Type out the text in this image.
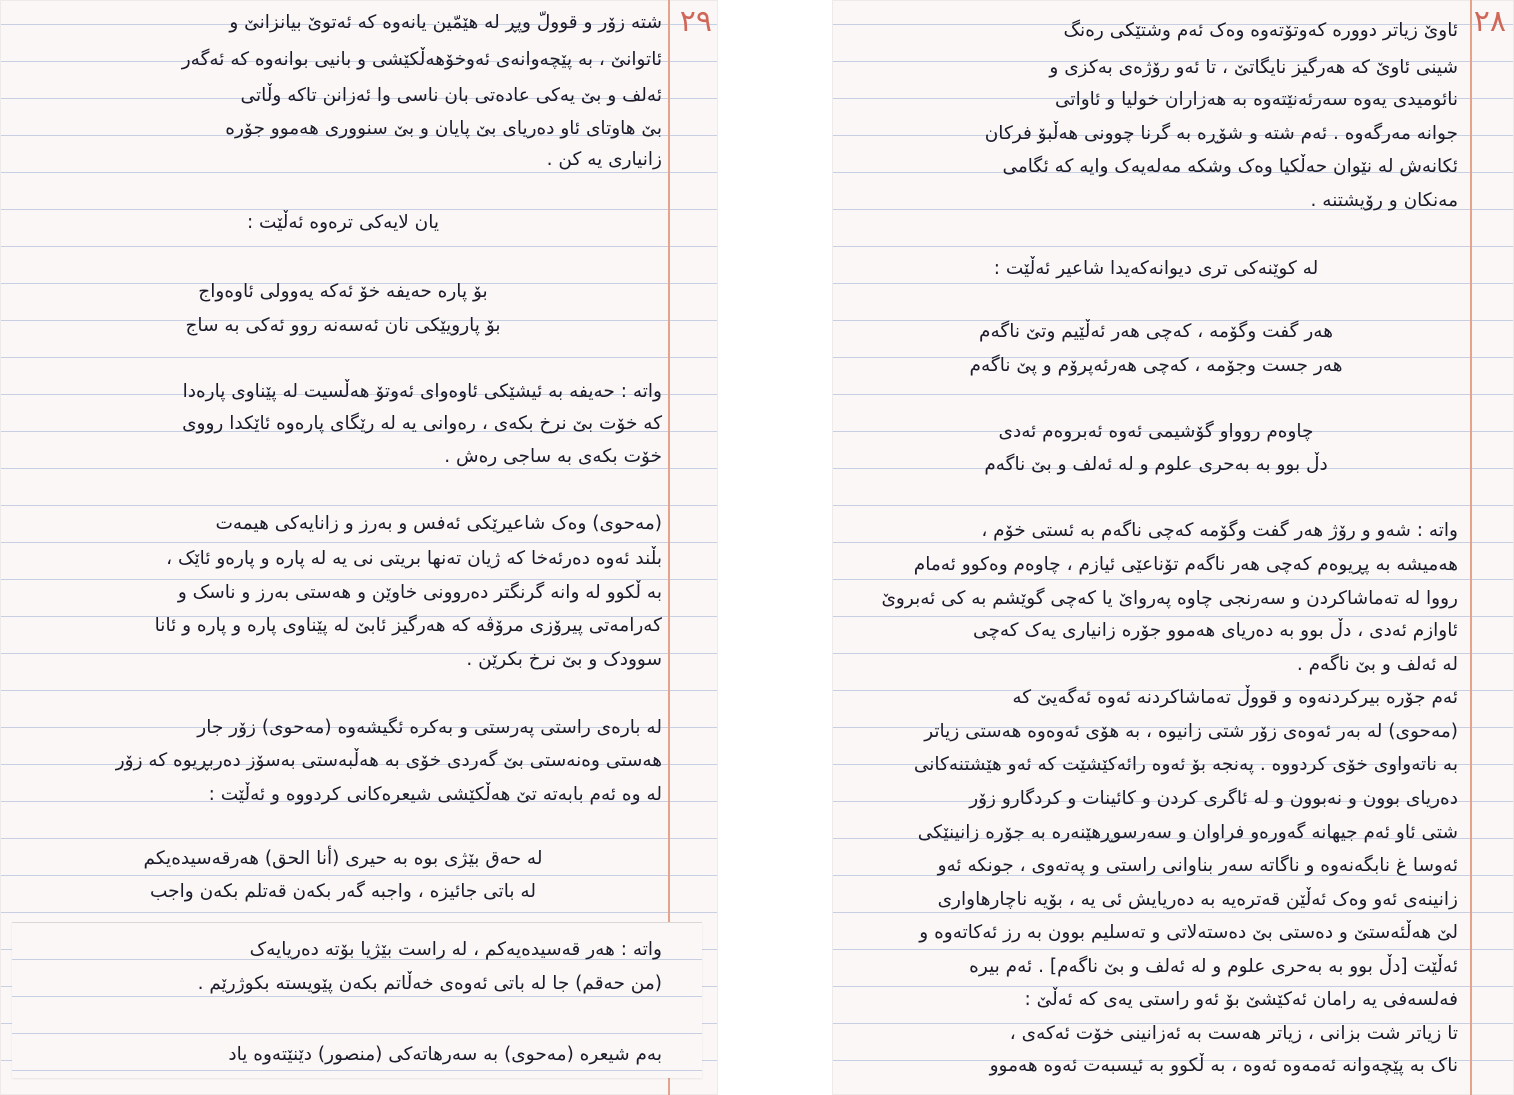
٢٩
شتە زۆر و قوولّ وپڕ لە هێمّین یانەوە کە ئەتوێ بیانزانێ و
ئاتوانێ ، بە پێچەوانەی ئەوخۆهەڵکێشی و بانیی بوانەوە کە ئەگەر
ئەلف و بێ یەکی عادەتی بان ناسی وا ئەزانن تاکە وڵاتی
بێ هاوتای ئاو دەریای بێ پایان و بێ سنووری هەموو جۆرە
زانیاری یە کن .
یان لایەکی ترەوە ئەڵێت :
بۆ پارە حەیفە خۆ ئەکە یەوولی ئاوەواج
بۆ پارویێکی نان ئەسەنە روو ئەکی بە ساج
واتە : حەیفە بە ئیشێکی ئاوەوای ئەوتۆ هەڵسیت لە پێناوی پارەدا
کە خۆت بێ نرخ بکەی ، رەوانی یە لە رێگای پارەوە ئاێکدا رووی
خۆت بکەی بە ساجی رەش .
(مەحوی) وەک شاعیرێکی ئەفس و بەرز و زانایەکی هیمەت
بڵند ئەوە دەرئەخا کە ژیان تەنها بریتی نی یە لە پارە و پارەو ئاێک ،
بە ڵکوو لە وانە گرنگتر دەروونی خاوێن و هەستی بەرز و ناسک و
کەرامەتی پیرۆزی مرۆڤە کە هەرگیز ئابێ لە پێناوی پارە و پارە و ئانا
سوودک و بێ نرخ بکرێن .
لە بارەی راستی پەرستی و بەکرە ئگیشەوە (مەحوی) زۆر جار
هەستی وەنەستی بێ گەردی خۆی بە هەڵبەستی بەسۆز دەربڕیوە کە زۆر
لە وە ئەم بابەتە تێ هەڵکێشی شیعرەکانی کردووە و ئەڵێت :
لە حەق بێژی بوە بە حیری (أنا الحق) هەرقەسیدەیکم
لە باتی جائیزە ، واجبە گەر بکەن قەتلم بکەن واجب
واتە : هەر قەسیدەیەکم ، لە راست بێژیا بۆتە دەریایەک
(من حەقم) جا لە باتی ئەوەی خەڵاتم بکەن پێویستە بکوژرێم .
بەم شیعرە (مەحوی) بە سەرهاتەکی (منصور) دێنێتەوە یاد
٢٨
ئاوێ زیاتر دوورە کەوتۆتەوە وەک ئەم وشتێکی رەنگ
شینی ئاوێ کە هەرگیز نایگاتێ ، تا ئەو رۆژەی بەکزی و
نائومیدی یەوە سەرئەنێتەوە بە هەزاران خولیا و ئاواتی
جوانە مەرگەوە . ئەم شتە و شۆڕە بە گرنا چوونی هەڵبۆ فرکان
ئکانەش لە نێوان حەڵکیا وەک وشکە مەلەیەک وایە کە ئگامی
مەنکان و رۆیشتنە .
لە کوێنەکی تری دیوانەکەیدا شاعیر ئەڵێت :
هەر گفت وگۆمە ، کەچی هەر ئەڵێیم وتێ ناگەم
هەر جست وجۆمە ، کەچی هەرئەپرۆم و پێ ناگەم
چاوەم روواو گۆشیمی ئەوە ئەبروەم ئەدی
دڵ بوو بە بەحری علوم و لە ئەلف و بێ ناگەم
واتە : شەو و رۆژ هەر گفت وگۆمە کەچی ناگەم بە ئستی خۆم ،
هەمیشە بە پڕیوەم کەچی هەر ناگەم تۆناعێی ئیازم ، چاوەم وەکوو ئەمام
رووا لە تەماشاکردن و سەرنجی چاوە پەرواێ یا کەچی گوێشم بە کی ئەبروێ
ئاوازم ئەدی ، دڵ بوو بە دەریای هەموو جۆرە زانیاری یەک کەچی
لە ئەلف و بێ ناگەم .
ئەم جۆرە بیرکردنەوە و قووڵ تەماشاکردنە ئەوە ئەگەیێ کە
(مەحوی) لە بەر ئەوەی زۆر شتی زانیوە ، بە هۆی ئەوەوە هەستی زیاتر
بە ناتەواوی خۆی کردووە . پەنجە بۆ ئەوە رائەکێشێت کە ئەو هێشتنەکانی
دەریای بوون و نەبوون و لە ئاگری کردن و کائینات و کردگارو زۆر
شتی ئاو ئەم جیهانە گەورەو فراوان و سەرسوڕهێنەرە بە جۆرە زانینێکی
ئەوسا غ نابگەنەوە و ناگاتە سەر بناوانی راستی و پەتەوی ، جونکە ئەو
زانینەی ئەو وەک ئەڵێن قەترەیە بە دەریایش ئی یە ، بۆیە ناچارهاواری
لێ هەڵئەستێ و دەستی بێ دەستەلاتی و تەسلیم بوون بە رز ئەکاتەوە و
ئەڵێت [دڵ بوو بە بەحری علوم و لە ئەلف و بێ ناگەم] . ئەم بیرە
فەلسەفی یە رامان ئەکێشێ بۆ ئەو راستی یەی کە ئەڵێ :
تا زیاتر شت بزانی ، زیاتر هەست بە ئەزانینی خۆت ئەکەی ،
ناک بە پێچەوانە ئەمەوە ئەوە ، بە ڵکوو بە ئیسبەت ئەوە هەموو
